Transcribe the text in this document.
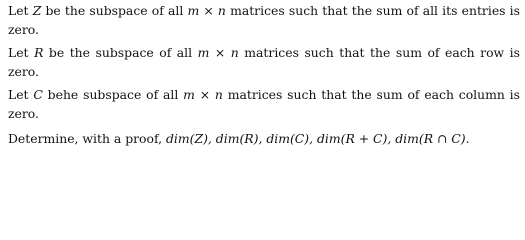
Let Z be the subspace of all m × n matrices such that the sum of all its entries is zero.

Let R be the subspace of all m × n matrices such that the sum of each row is zero.

Let C behe subspace of all m × n matrices such that the sum of each column is zero.

Determine, with a proof, dim(Z), dim(R), dim(C), dim(R + C), dim(R ∩ C).
